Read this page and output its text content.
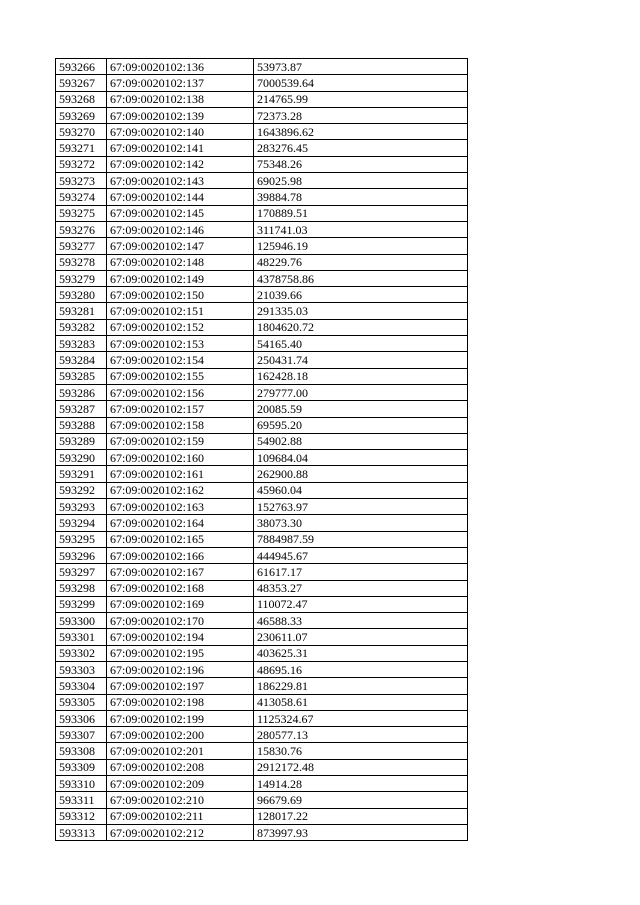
593266	67:09:0020102:136	53973.87
593267	67:09:0020102:137	7000539.64
593268	67:09:0020102:138	214765.99
593269	67:09:0020102:139	72373.28
593270	67:09:0020102:140	1643896.62
593271	67:09:0020102:141	283276.45
593272	67:09:0020102:142	75348.26
593273	67:09:0020102:143	69025.98
593274	67:09:0020102:144	39884.78
593275	67:09:0020102:145	170889.51
593276	67:09:0020102:146	311741.03
593277	67:09:0020102:147	125946.19
593278	67:09:0020102:148	48229.76
593279	67:09:0020102:149	4378758.86
593280	67:09:0020102:150	21039.66
593281	67:09:0020102:151	291335.03
593282	67:09:0020102:152	1804620.72
593283	67:09:0020102:153	54165.40
593284	67:09:0020102:154	250431.74
593285	67:09:0020102:155	162428.18
593286	67:09:0020102:156	279777.00
593287	67:09:0020102:157	20085.59
593288	67:09:0020102:158	69595.20
593289	67:09:0020102:159	54902.88
593290	67:09:0020102:160	109684.04
593291	67:09:0020102:161	262900.88
593292	67:09:0020102:162	45960.04
593293	67:09:0020102:163	152763.97
593294	67:09:0020102:164	38073.30
593295	67:09:0020102:165	7884987.59
593296	67:09:0020102:166	444945.67
593297	67:09:0020102:167	61617.17
593298	67:09:0020102:168	48353.27
593299	67:09:0020102:169	110072.47
593300	67:09:0020102:170	46588.33
593301	67:09:0020102:194	230611.07
593302	67:09:0020102:195	403625.31
593303	67:09:0020102:196	48695.16
593304	67:09:0020102:197	186229.81
593305	67:09:0020102:198	413058.61
593306	67:09:0020102:199	1125324.67
593307	67:09:0020102:200	280577.13
593308	67:09:0020102:201	15830.76
593309	67:09:0020102:208	2912172.48
593310	67:09:0020102:209	14914.28
593311	67:09:0020102:210	96679.69
593312	67:09:0020102:211	128017.22
593313	67:09:0020102:212	873997.93
